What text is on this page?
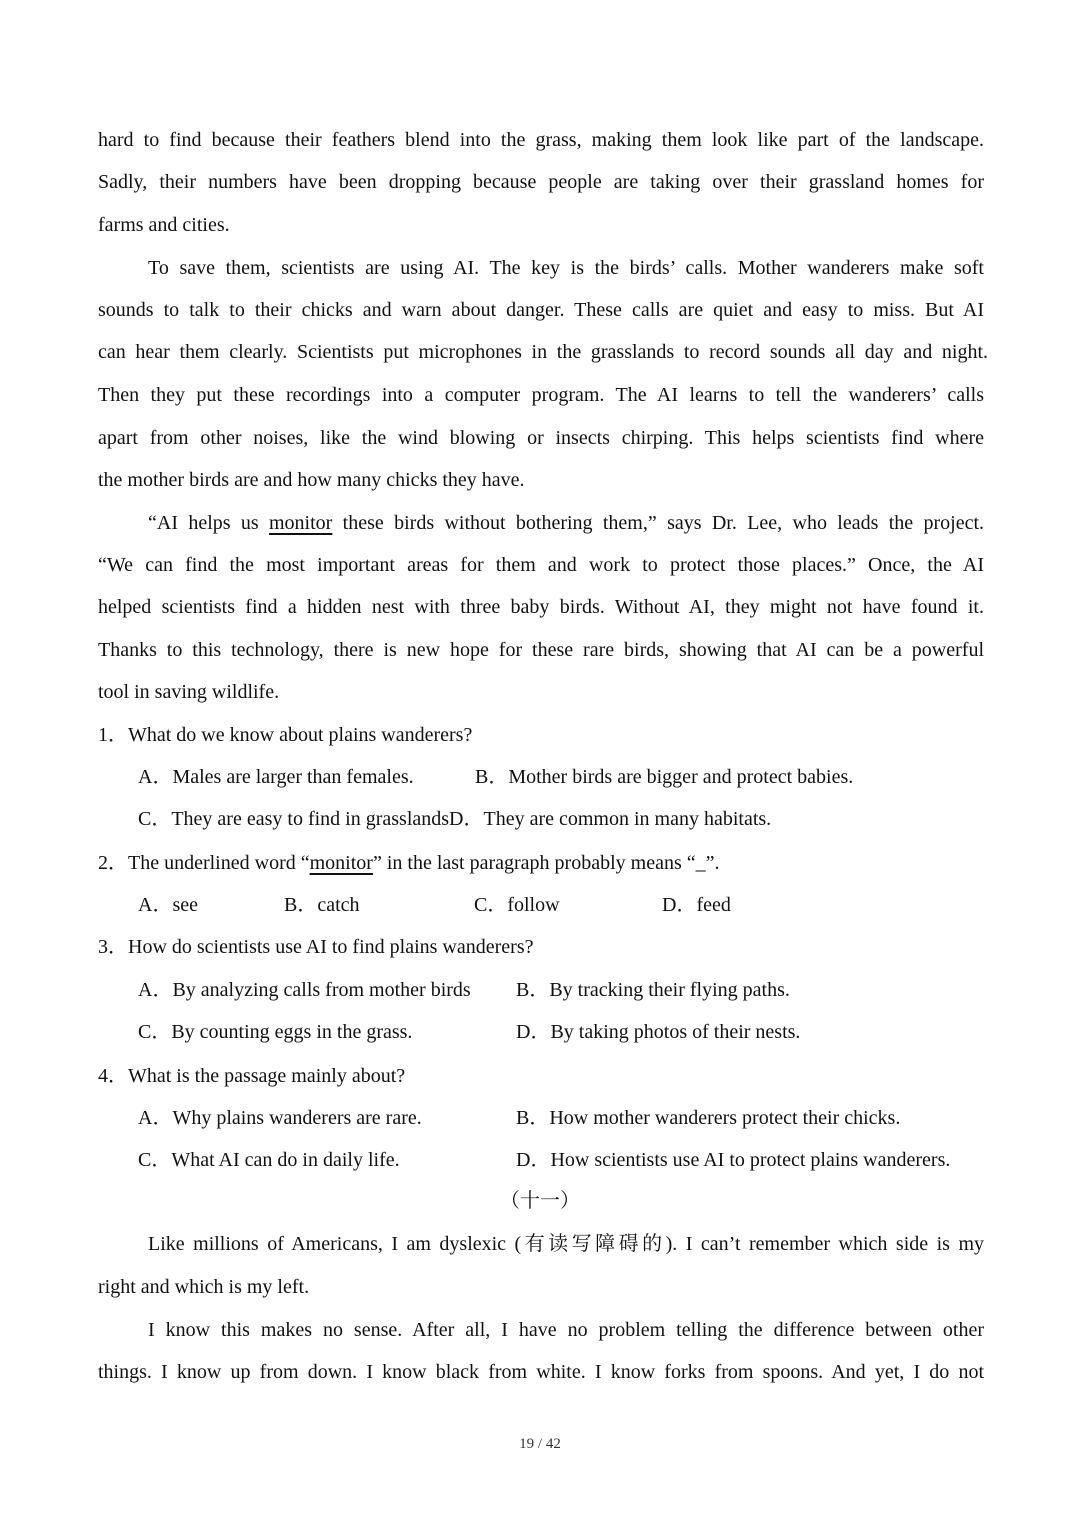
hard to find because their feathers blend into the grass, making them look like part of the landscape.
Sadly, their numbers have been dropping because people are taking over their grassland homes for
farms and cities.
To save them, scientists are using AI. The key is the birds’ calls. Mother wanderers make soft
sounds to talk to their chicks and warn about danger. These calls are quiet and easy to miss. But AI
can hear them clearly. Scientists put microphones in the grasslands to record sounds all day and night.
Then they put these recordings into a computer program. The AI learns to tell the wanderers’ calls
apart from other noises, like the wind blowing or insects chirping. This helps scientists find where
the mother birds are and how many chicks they have.
“AI helps us monitor these birds without bothering them,” says Dr. Lee, who leads the project.
“We can find the most important areas for them and work to protect those places.” Once, the AI
helped scientists find a hidden nest with three baby birds. Without AI, they might not have found it.
Thanks to this technology, there is new hope for these rare birds, showing that AI can be a powerful
tool in saving wildlife.
1．What do we know about plains wanderers?
A．Males are larger than females.	B．Mother birds are bigger and protect babies.
C．They are easy to find in grasslandsD．They are common in many habitats.
2．The underlined word “monitor” in the last paragraph probably means “_”.
A．see	B．catch	C．follow	D．feed
3．How do scientists use AI to find plains wanderers?
A．By analyzing calls from mother birds B．By tracking their flying paths.
C．By counting eggs in the grass.	D．By taking photos of their nests.
4．What is the passage mainly about?
A．Why plains wanderers are rare.	B．How mother wanderers protect their chicks.
C．What AI can do in daily life.	D．How scientists use AI to protect plains wanderers.
（十一）
Like millions of Americans, I am dyslexic (有读写障碍的). I can’t remember which side is my
right and which is my left.
I know this makes no sense. After all, I have no problem telling the difference between other
things. I know up from down. I know black from white. I know forks from spoons. And yet, I do not
19 / 42
